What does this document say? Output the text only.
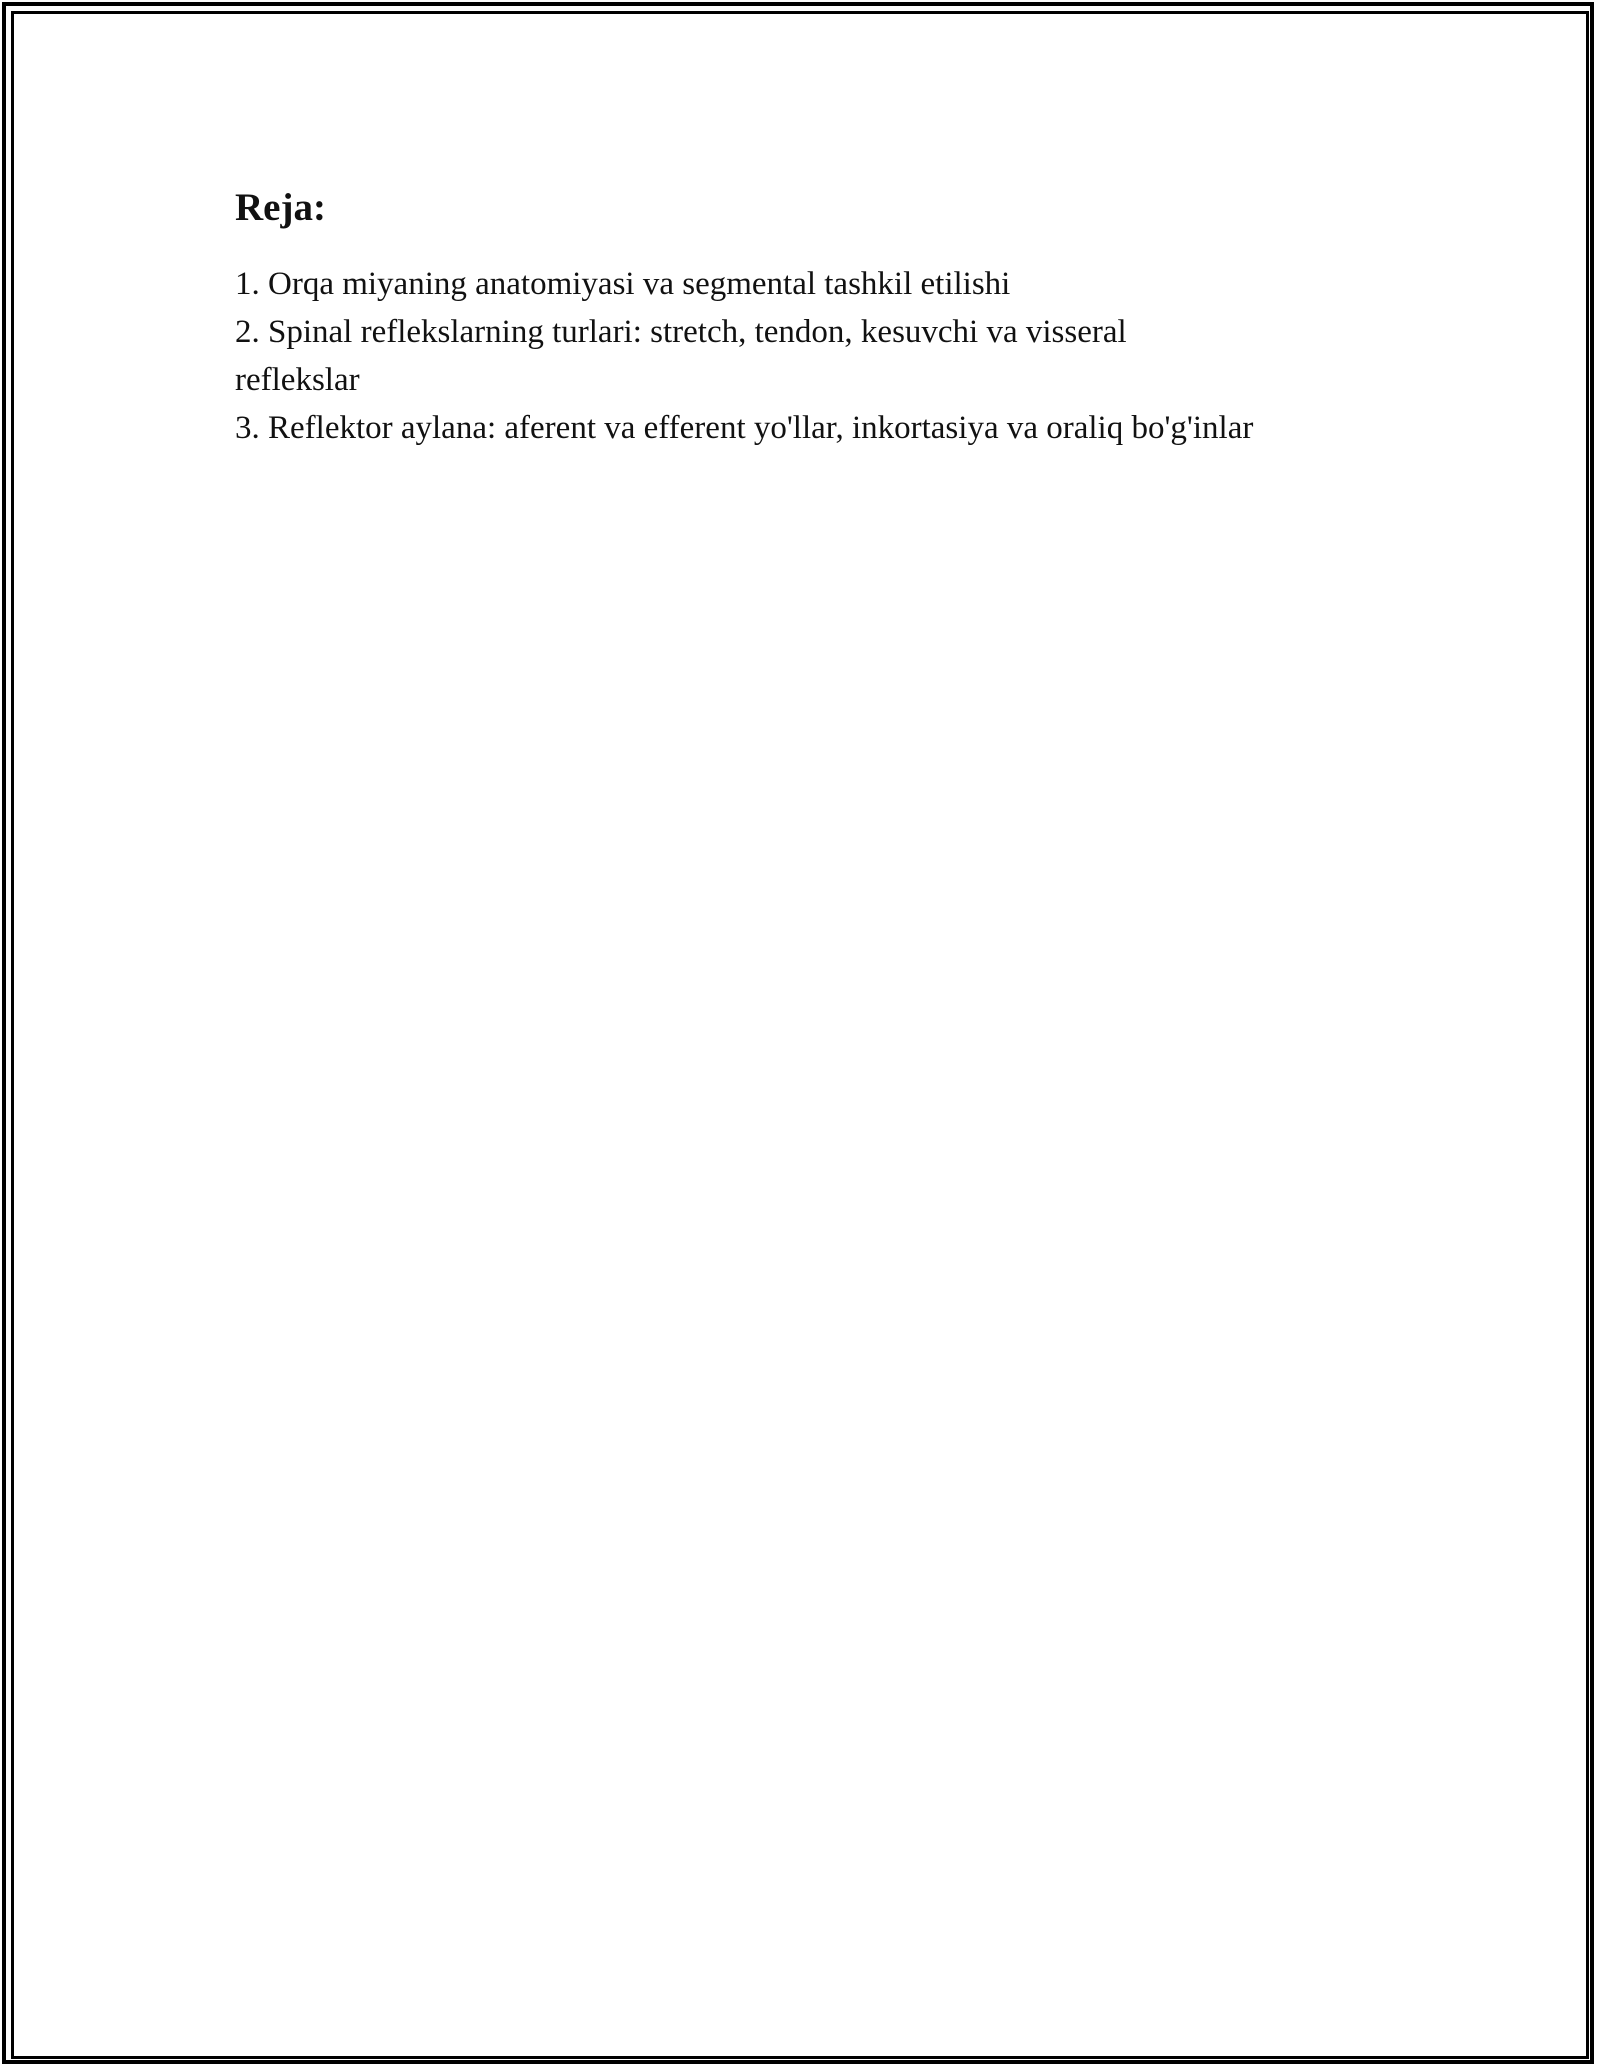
Reja:
1. Orqa miyaning anatomiyasi va segmental tashkil etilishi
2. Spinal reflekslarning turlari: stretch, tendon, kesuvchi va visseral reflekslar
3. Reflektor aylana: aferent va efferent yo'llar, inkortasiya va oraliq bo'g'inlar
